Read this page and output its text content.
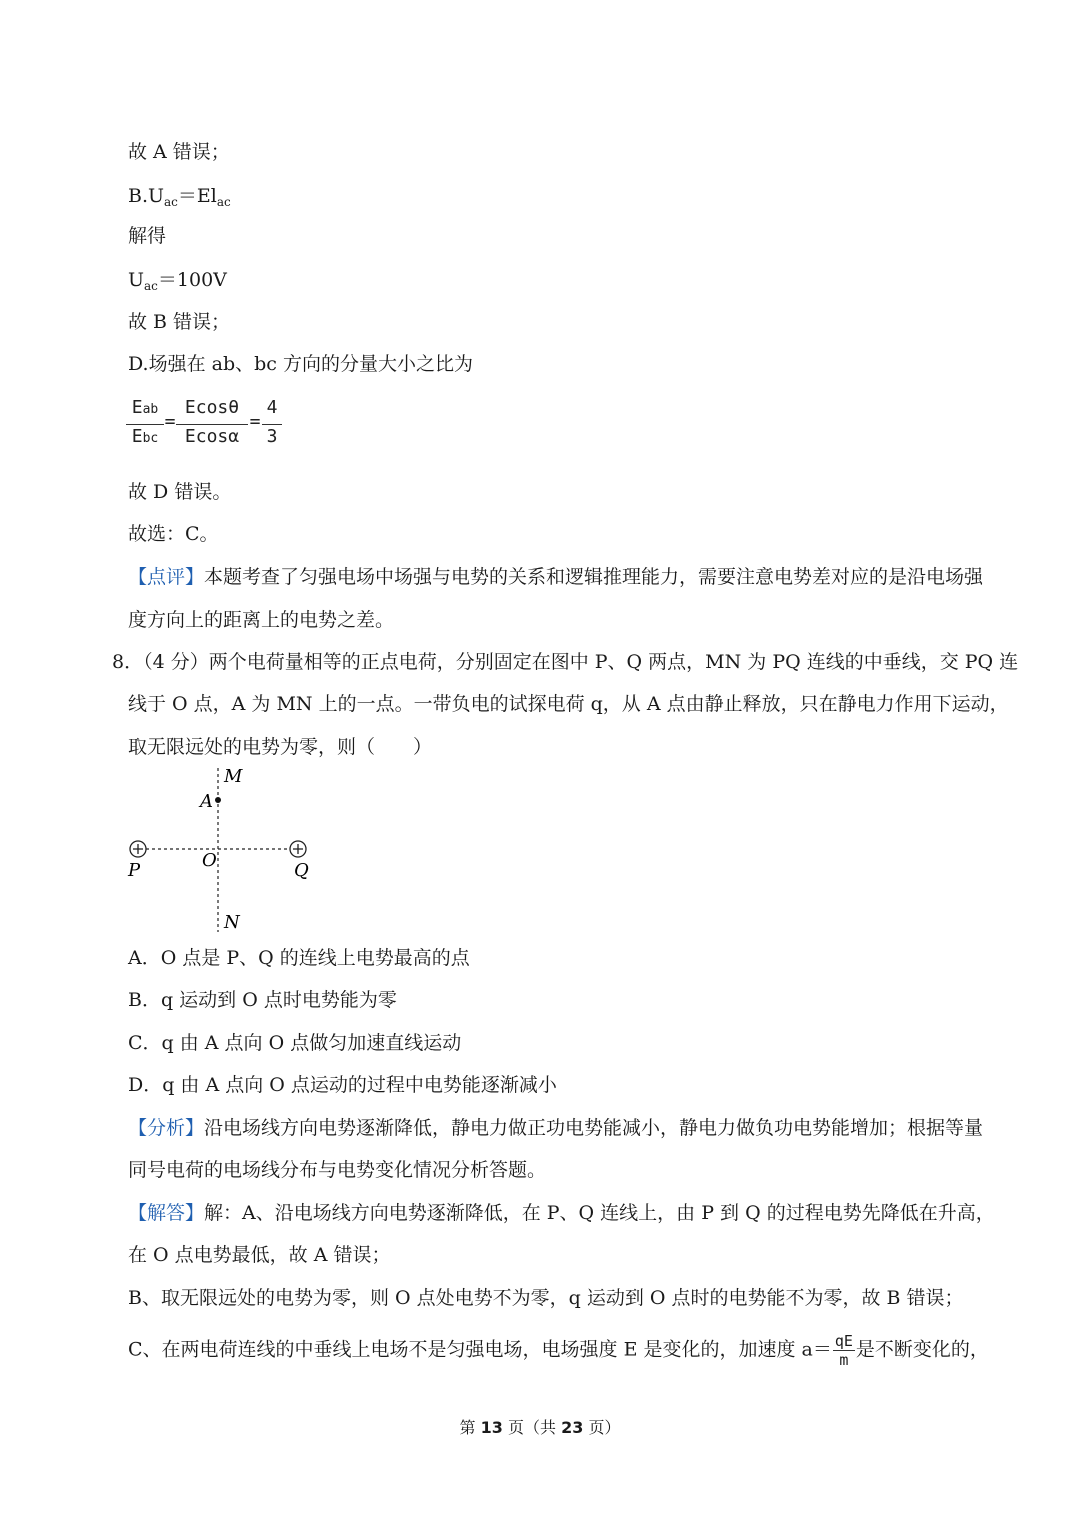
故 A 错误；
$B.U_{ac}=El_{ac}$
解得
$U_{ac}=100V$
故 B 错误；
D.场强在 ab、bc 方向的分量大小之比为
Eab
Ebc
=
Ecosθ
Ecosα
=
4
3
故 D 错误。
故选：C。
【点评】本题考查了匀强电场中场强与电势的关系和逻辑推理能力，需要注意电势差对应的是沿电场强
度方向上的距离上的电势之差。
8．（4 分）两个电荷量相等的正点电荷，分别固定在图中 P、Q 两点，MN 为 PQ 连线的中垂线，交 PQ 连
线于 O 点，A 为 MN 上的一点。一带负电的试探电荷 q，从 A 点由静止释放，只在静电力作用下运动，
取无限远处的电势为零，则（　　）
M
A
O
P	Q
N
A．O 点是 P、Q 的连线上电势最高的点
B．q 运动到 O 点时电势能为零
C．q 由 A 点向 O 点做匀加速直线运动
D．q 由 A 点向 O 点运动的过程中电势能逐渐减小
【分析】沿电场线方向电势逐渐降低，静电力做正功电势能减小，静电力做负功电势能增加；根据等量
同号电荷的电场线分布与电势变化情况分析答题。
【解答】解：A、沿电场线方向电势逐渐降低，在 P、Q 连线上，由 P 到 Q 的过程电势先降低在升高，
在 O 点电势最低，故 A 错误；
B、取无限远处的电势为零，则 O 点处电势不为零，q 运动到 O 点时的电势能不为零，故 B 错误；
C、在两电荷连线的中垂线上电场不是匀强电场，电场强度 E 是变化的，加速度 $a= \frac{qE}{m}$ 是不断变化的，
第 13 页（共 23 页）
